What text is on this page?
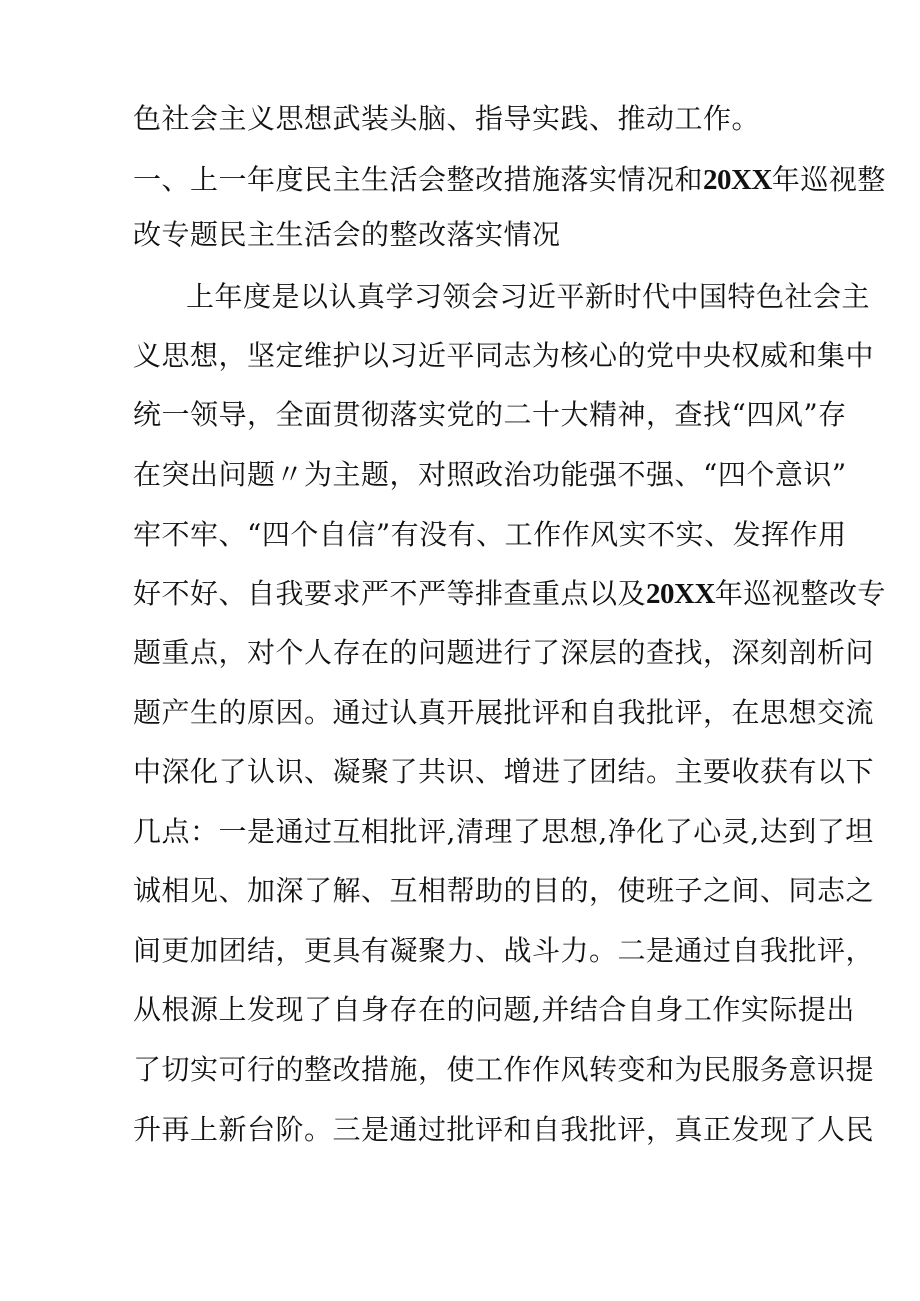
色社会主义思想武装头脑、指导实践、推动工作。
一、上一年度民主生活会整改措施落实情况和20XX年巡视整
改专题民主生活会的整改落实情况
上年度是以认真学习领会习近平新时代中国特色社会主
义思想，坚定维护以习近平同志为核心的党中央权威和集中
统一领导，全面贯彻落实党的二十大精神，查找“四风”存
在突出问题〃为主题，对照政治功能强不强、“四个意识”
牢不牢、“四个自信”有没有、工作作风实不实、发挥作用
好不好、自我要求严不严等排查重点以及20XX年巡视整改专
题重点，对个人存在的问题进行了深层的查找，深刻剖析问
题产生的原因。通过认真开展批评和自我批评，在思想交流
中深化了认识、凝聚了共识、增进了团结。主要收获有以下
几点：一是通过互相批评,清理了思想,净化了心灵,达到了坦
诚相见、加深了解、互相帮助的目的，使班子之间、同志之
间更加团结，更具有凝聚力、战斗力。二是通过自我批评，
从根源上发现了自身存在的问题,并结合自身工作实际提出
了切实可行的整改措施，使工作作风转变和为民服务意识提
升再上新台阶。三是通过批评和自我批评，真正发现了人民
